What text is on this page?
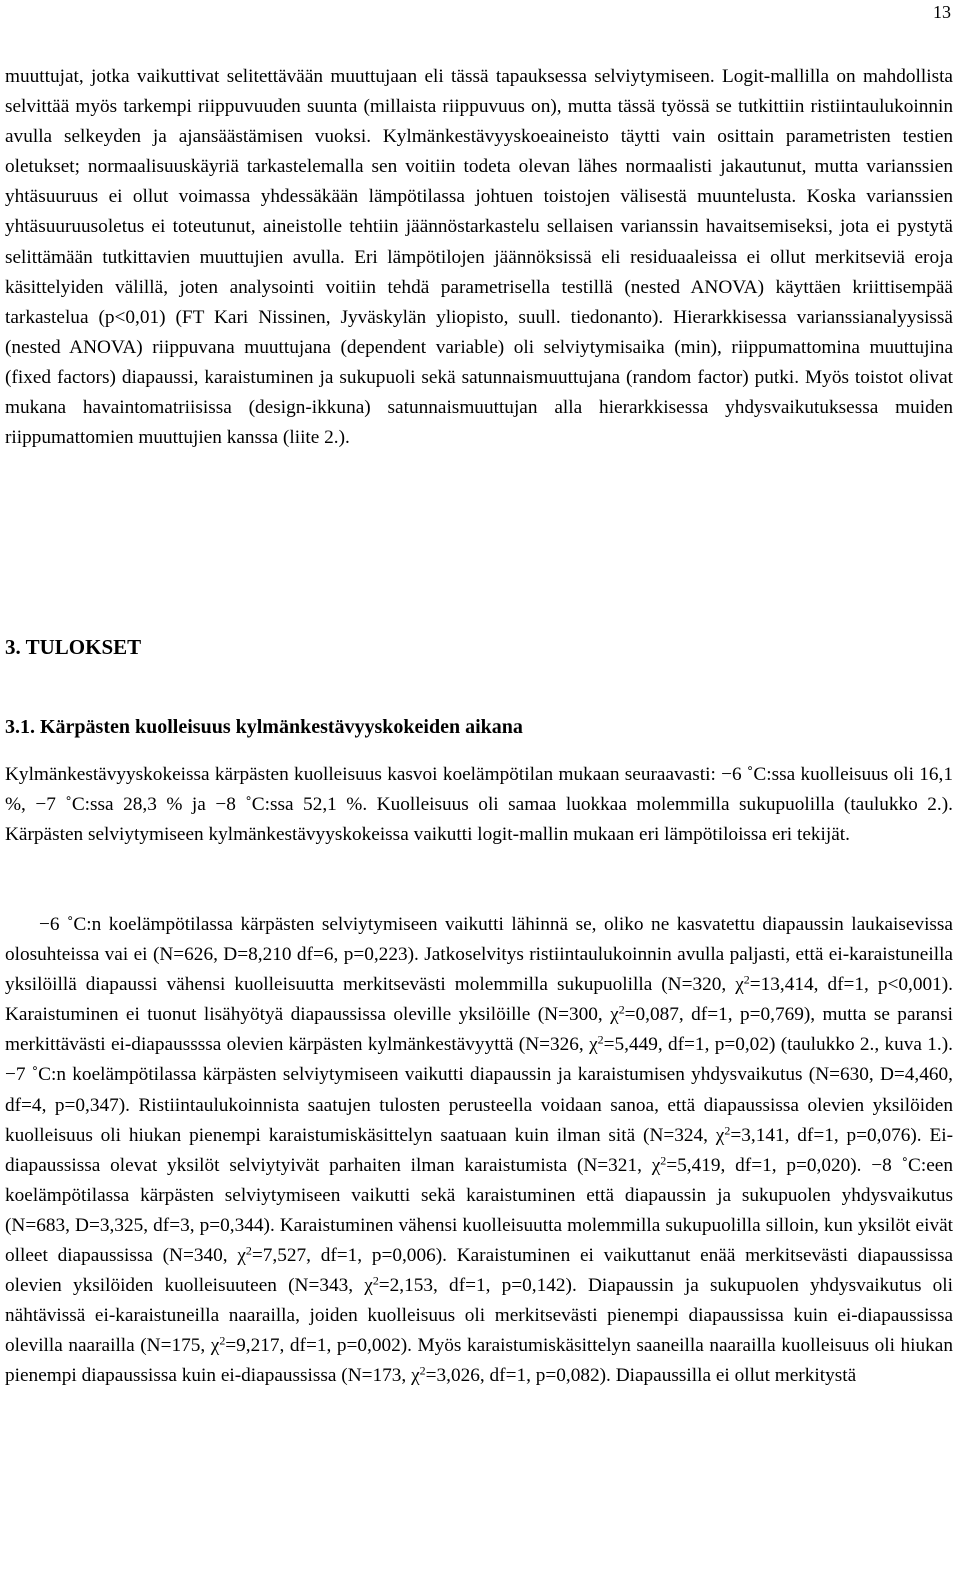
13

muuttujat, jotka vaikuttivat selitettävään muuttujaan eli tässä tapauksessa selviytymiseen. Logit-mallilla on mahdollista selvittää myös tarkempi riippuvuuden suunta (millaista riippuvuus on), mutta tässä työssä se tutkittiin ristiintaulukoinnin avulla selkeyden ja ajansäästämisen vuoksi. Kylmänkestävyyskoeaineisto täytti vain osittain parametristen testien oletukset; normaalisuuskäyriä tarkastelemalla sen voitiin todeta olevan lähes normaalisti jakautunut, mutta varianssien yhtäsuuruus ei ollut voimassa yhdessäkään lämpötilassa johtuen toistojen välisestä muuntelusta. Koska varianssien yhtäsuuruusoletus ei toteutunut, aineistolle tehtiin jäännöstarkastelu sellaisen varianssin havaitsemiseksi, jota ei pystytä selittämään tutkittavien muuttujien avulla. Eri lämpötilojen jäännöksissä eli residuaaleissa ei ollut merkitseviä eroja käsittelyiden välillä, joten analysointi voitiin tehdä parametrisella testillä (nested ANOVA) käyttäen kriittisempää tarkastelua (p<0,01) (FT Kari Nissinen, Jyväskylän yliopisto, suull. tiedonanto). Hierarkkisessa varianssianalyysissä (nested ANOVA) riippuvana muuttujana (dependent variable) oli selviytymisaika (min), riippumattomina muuttujina (fixed factors) diapaussi, karaistuminen ja sukupuoli sekä satunnaismuuttujana (random factor) putki. Myös toistot olivat mukana havaintomatriisissa (design-ikkuna) satunnaismuuttujan alla hierarkkisessa yhdysvaikutuksessa muiden riippumattomien muuttujien kanssa (liite 2.).

3. TULOKSET
3.1. Kärpästen kuolleisuus kylmänkestävyyskokeiden aikana

Kylmänkestävyyskokeissa kärpästen kuolleisuus kasvoi koelämpötilan mukaan seuraavasti: −6 ˚C:ssa kuolleisuus oli 16,1 %, −7 ˚C:ssa 28,3 % ja −8 ˚C:ssa 52,1 %. Kuolleisuus oli samaa luokkaa molemmilla sukupuolilla (taulukko 2.). Kärpästen selviytymiseen kylmänkestävyyskokeissa vaikutti logit-mallin mukaan eri lämpötiloissa eri tekijät.

−6 ˚C:n koelämpötilassa kärpästen selviytymiseen vaikutti lähinnä se, oliko ne kasvatettu diapaussin laukaisevissa olosuhteissa vai ei (N=626, D=8,210 df=6, p=0,223). Jatkoselvitys ristiintaulukoinnin avulla paljasti, että ei-karaistuneilla yksilöillä diapaussi vähensi kuolleisuutta merkitsevästi molemmilla sukupuolilla (N=320, $\chi^2=13,414$, df=1, p<0,001). Karaistuminen ei tuonut lisähyötyä diapaussissa oleville yksilöille (N=300, $\chi^2=0,087$, df=1, p=0,769), mutta se paransi merkittävästi ei-diapaussssa olevien kärpästen kylmänkestävyyttä (N=326, $\chi^2=5,449$, df=1, p=0,02) (taulukko 2., kuva 1.). −7 ˚C:n koelämpötilassa kärpästen selviytymiseen vaikutti diapaussin ja karaistumisen yhdysvaikutus (N=630, D=4,460, df=4, p=0,347). Ristiintaulukoinnista saatujen tulosten perusteella voidaan sanoa, että diapaussissa olevien yksilöiden kuolleisuus oli hiukan pienempi karaistumiskäsittelyn saatuaan kuin ilman sitä (N=324, $\chi^2=3,141$, df=1, p=0,076). Ei-diapaussissa olevat yksilöt selviytyivät parhaiten ilman karaistumista (N=321, $\chi^2=5,419$, df=1, p=0,020). −8 ˚C:een koelämpötilassa kärpästen selviytymiseen vaikutti sekä karaistuminen että diapaussin ja sukupuolen yhdysvaikutus (N=683, D=3,325, df=3, p=0,344). Karaistuminen vähensi kuolleisuutta molemmilla sukupuolilla silloin, kun yksilöt eivät olleet diapaussissa (N=340, $\chi^2=7,527$, df=1, p=0,006). Karaistuminen ei vaikuttanut enää merkitsevästi diapaussissa olevien yksilöiden kuolleisuuteen (N=343, $\chi^2=2,153$, df=1, p=0,142). Diapaussin ja sukupuolen yhdysvaikutus oli nähtävissä ei-karaistuneilla naarailla, joiden kuolleisuus oli merkitsevästi pienempi diapaussissa kuin ei-diapaussissa olevilla naarailla (N=175, $\chi^2=9,217$, df=1, p=0,002). Myös karaistumiskäsittelyn saaneilla naarailla kuolleisuus oli hiukan pienempi diapaussissa kuin ei-diapaussissa (N=173, $\chi^2=3,026$, df=1, p=0,082). Diapaussilla ei ollut merkitystä
